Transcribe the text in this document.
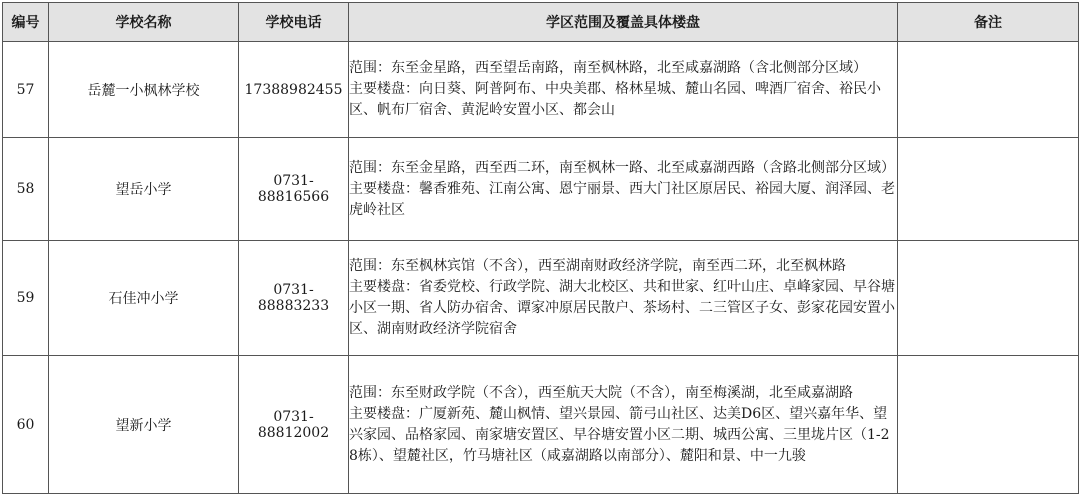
编号	学校名称	学校电话	学区范围及覆盖具体楼盘	备注
57	岳麓一小枫林学校	17388982455	范围：东至金星路，西至望岳南路，南至枫林路，北至咸嘉湖路（含北侧部分区域）
主要楼盘：向日葵、阿普阿布、中央美郡、格林星城、麓山名园、啤酒厂宿舍、裕民小区、帆布厂宿舍、黄泥岭安置小区、都会山	

58	望岳小学	0731-88816566	范围：东至金星路，西至西二环，南至枫林一路、北至咸嘉湖西路（含路北侧部分区域）
主要楼盘：馨香雅苑、江南公寓、恩宁丽景、西大门社区原居民、裕园大厦、润泽园、老虎岭社区	

59	石佳冲小学	0731-88883233	范围：东至枫林宾馆（不含），西至湖南财政经济学院，南至西二环，北至枫林路
主要楼盘：省委党校、行政学院、湖大北校区、共和世家、红叶山庄、卓峰家园、早谷塘小区一期、省人防办宿舍、谭家冲原居民散户、茶场村、二三管区子女、彭家花园安置小区、湖南财政经济学院宿舍	

60	望新小学	0731-88812002	范围：东至财政学院（不含），西至航天大院（不含），南至梅溪湖，北至咸嘉湖路
主要楼盘：广厦新苑、麓山枫情、望兴景园、箭弓山社区、达美D6区、望兴嘉年华、望兴家园、品格家园、南家塘安置区、早谷塘安置小区二期、城西公寓、三里垅片区（1-28栋）、望麓社区，竹马塘社区（咸嘉湖路以南部分）、麓阳和景、中一九骏	
